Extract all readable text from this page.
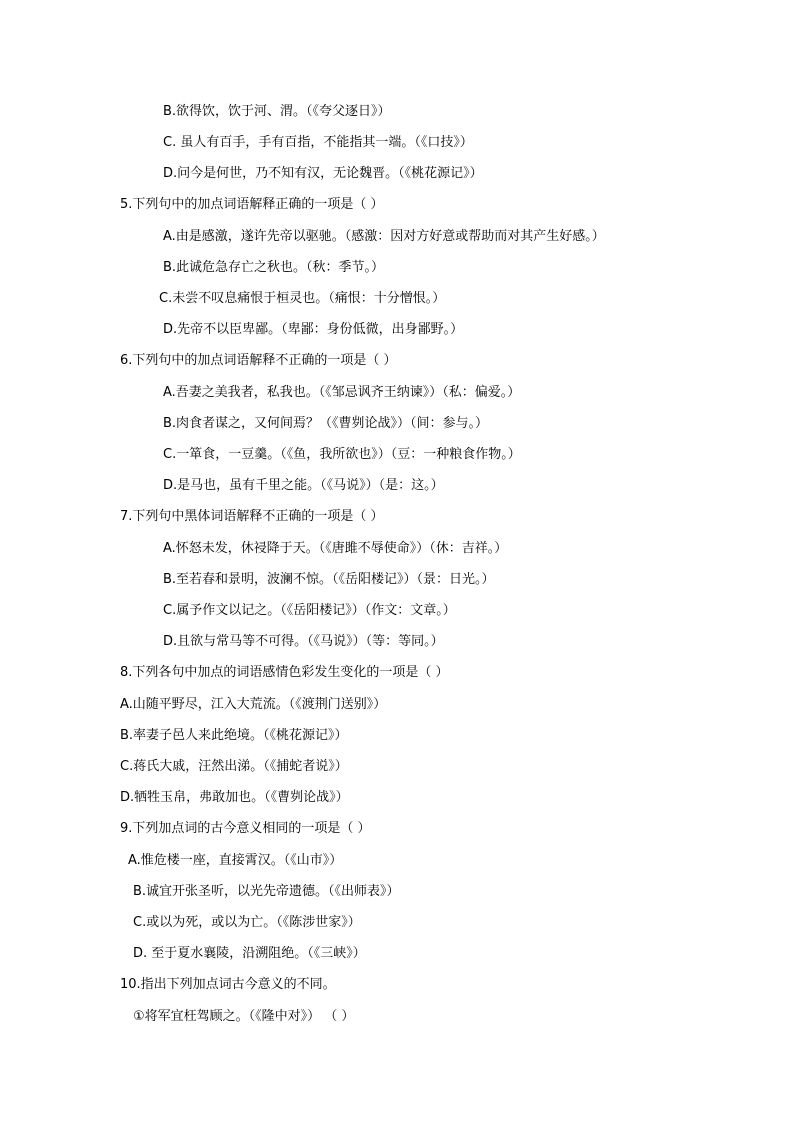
B.欲得饮，饮于河、渭。（《夸父逐日》）
C. 虽人有百手，手有百指，不能指其一端。（《口技》）
D.问今是何世，乃不知有汉，无论魏晋。（《桃花源记》）
5.下列句中的加点词语解释正确的一项是（ ）
A.由是感激，遂许先帝以驱驰。（感激：因对方好意或帮助而对其产生好感。）
B.此诚危急存亡之秋也。（秋：季节。）
C.未尝不叹息痛恨于桓灵也。（痛恨：十分憎恨。）
D.先帝不以臣卑鄙。（卑鄙：身份低微，出身鄙野。）
6.下列句中的加点词语解释不正确的一项是（ ）
A.吾妻之美我者，私我也。（《邹忌讽齐王纳谏》）（私：偏爱。）
B.肉食者谋之，又何间焉？（《曹刿论战》）（间：参与。）
C.一箪食，一豆羹。（《鱼，我所欲也》）（豆：一种粮食作物。）
D.是马也，虽有千里之能。（《马说》）（是：这。）
7.下列句中黑体词语解释不正确的一项是（ ）
A.怀怒未发，休祲降于天。（《唐雎不辱使命》）（休：吉祥。）
B.至若春和景明，波澜不惊。（《岳阳楼记》）（景：日光。）
C.属予作文以记之。（《岳阳楼记》）（作文：文章。）
D.且欲与常马等不可得。（《马说》）（等：等同。）
8.下列各句中加点的词语感情色彩发生变化的一项是（ ）
A.山随平野尽，江入大荒流。（《渡荆门送别》）
B.率妻子邑人来此绝境。（《桃花源记》）
C.蒋氏大戚，汪然出涕。（《捕蛇者说》）
D.牺牲玉帛，弗敢加也。（《曹刿论战》）
9.下列加点词的古今意义相同的一项是（ ）
A.惟危楼一座，直接霄汉。（《山市》）
B.诚宜开张圣听，以光先帝遗德。（《出师表》）
C.或以为死，或以为亡。（《陈涉世家》）
D. 至于夏水襄陵，沿溯阻绝。（《三峡》）
10.指出下列加点词古今意义的不同。
①将军宜枉驾顾之。（《隆中对》） （ ）
